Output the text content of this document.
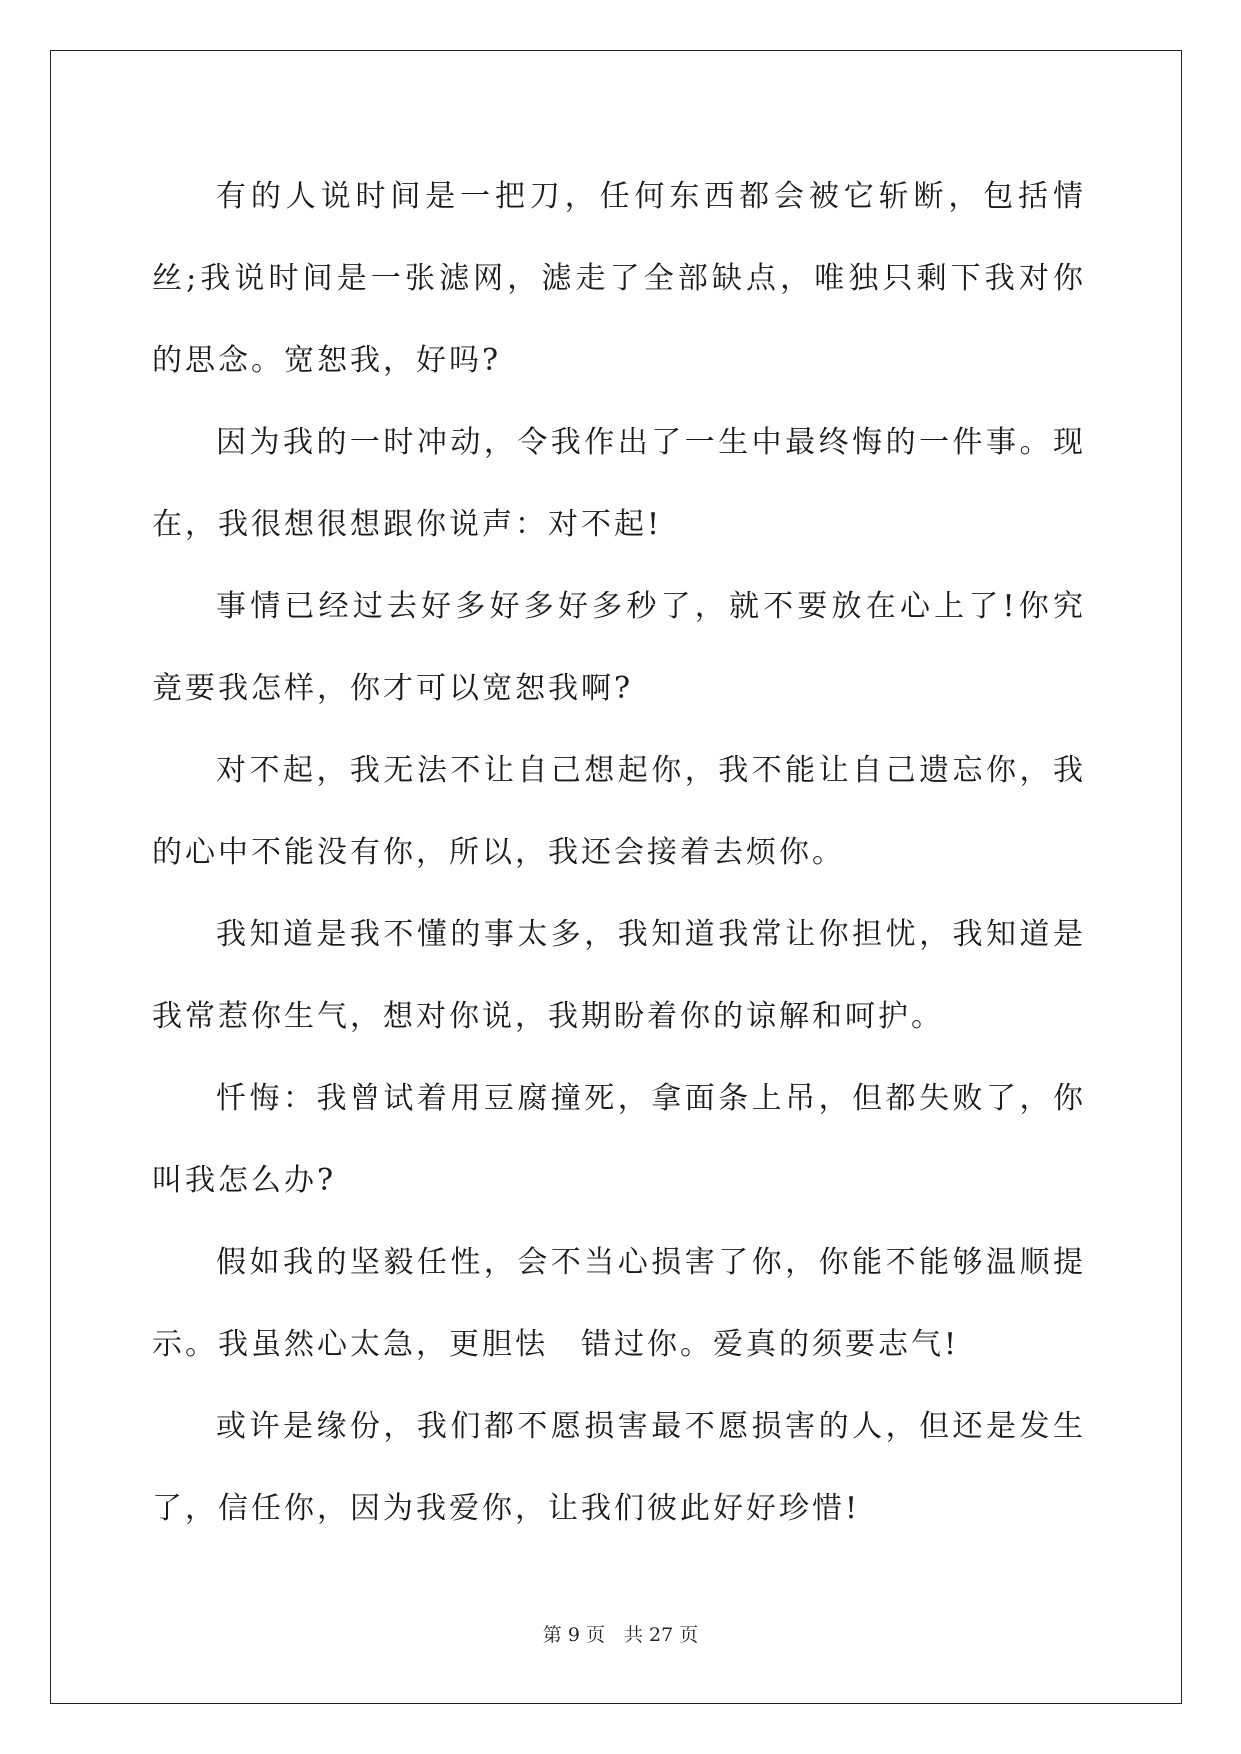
有的人说时间是一把刀，任何东西都会被它斩断，包括情丝;我说时间是一张滤网，滤走了全部缺点，唯独只剩下我对你的思念。宽恕我，好吗?

因为我的一时冲动，令我作出了一生中最终悔的一件事。现在，我很想很想跟你说声：对不起!

事情已经过去好多好多好多秒了，就不要放在心上了!你究竟要我怎样，你才可以宽恕我啊?

对不起，我无法不让自己想起你，我不能让自己遗忘你，我的心中不能没有你，所以，我还会接着去烦你。

我知道是我不懂的事太多，我知道我常让你担忧，我知道是我常惹你生气，想对你说，我期盼着你的谅解和呵护。

忏悔：我曾试着用豆腐撞死，拿面条上吊，但都失败了，你叫我怎么办?

假如我的坚毅任性，会不当心损害了你，你能不能够温顺提示。我虽然心太急，更胆怯　错过你。爱真的须要志气!

或许是缘份，我们都不愿损害最不愿损害的人，但还是发生了，信任你，因为我爱你，让我们彼此好好珍惜!

第 9 页　共 27 页
